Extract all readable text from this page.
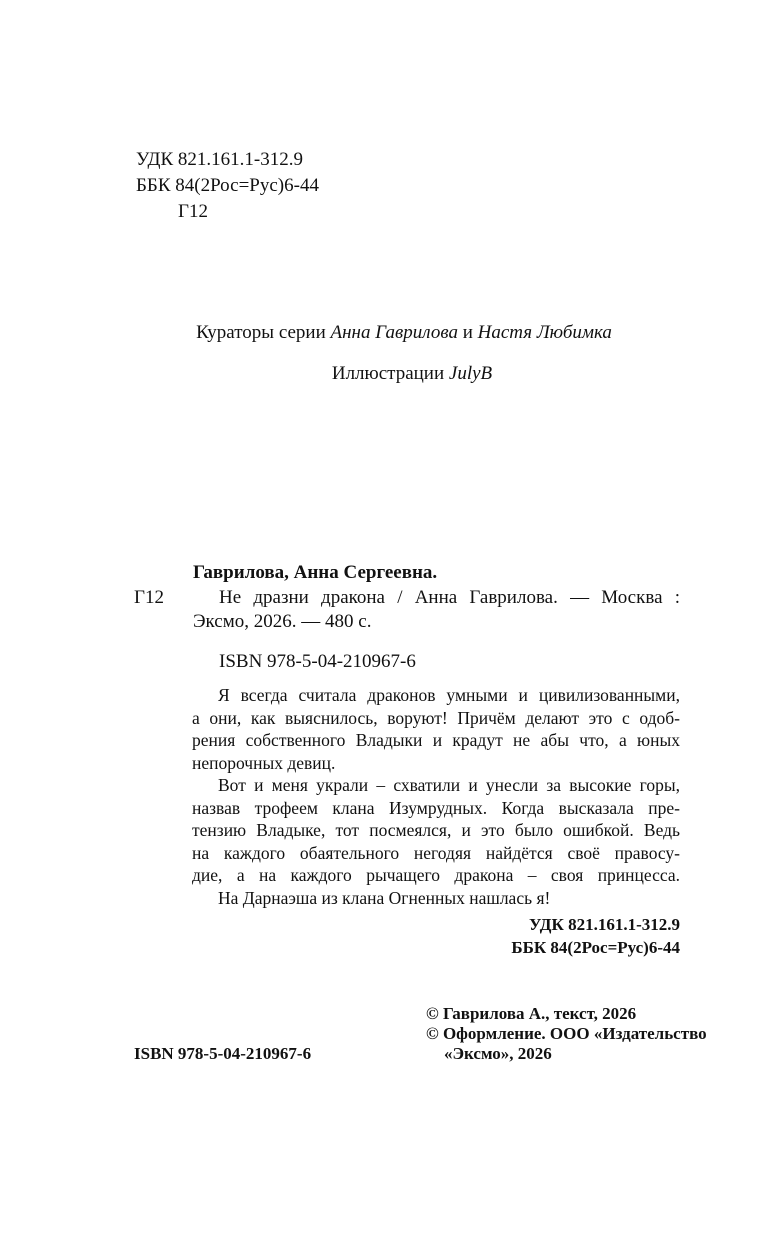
УДК 821.161.1-312.9
ББК 84(2Рос=Рус)6-44
Г12
Кураторы серии Анна Гаврилова и Настя Любимка
Иллюстрации JulyB
Гаврилова, Анна Сергеевна.
Г12	Не дразни дракона / Анна Гаврилова. — Москва :
Эксмо, 2026. — 480 с.
ISBN 978-5-04-210967-6
Я всегда считала драконов умными и цивилизованными,
а они, как выяснилось, воруют! Причём делают это с одоб-
рения собственного Владыки и крадут не абы что, а юных
непорочных девиц.
Вот и меня украли – схватили и унесли за высокие горы,
назвав трофеем клана Изумрудных. Когда высказала пре-
тензию Владыке, тот посмеялся, и это было ошибкой. Ведь
на каждого обаятельного негодяя найдётся своё правосу-
дие, а на каждого рычащего дракона – своя принцесса.
На Дарнаэша из клана Огненных нашлась я!
УДК 821.161.1-312.9
ББК 84(2Рос=Рус)6-44
© Гаврилова А., текст, 2026
© Оформление. ООО «Издательство
«Эксмо», 2026
ISBN 978-5-04-210967-6
